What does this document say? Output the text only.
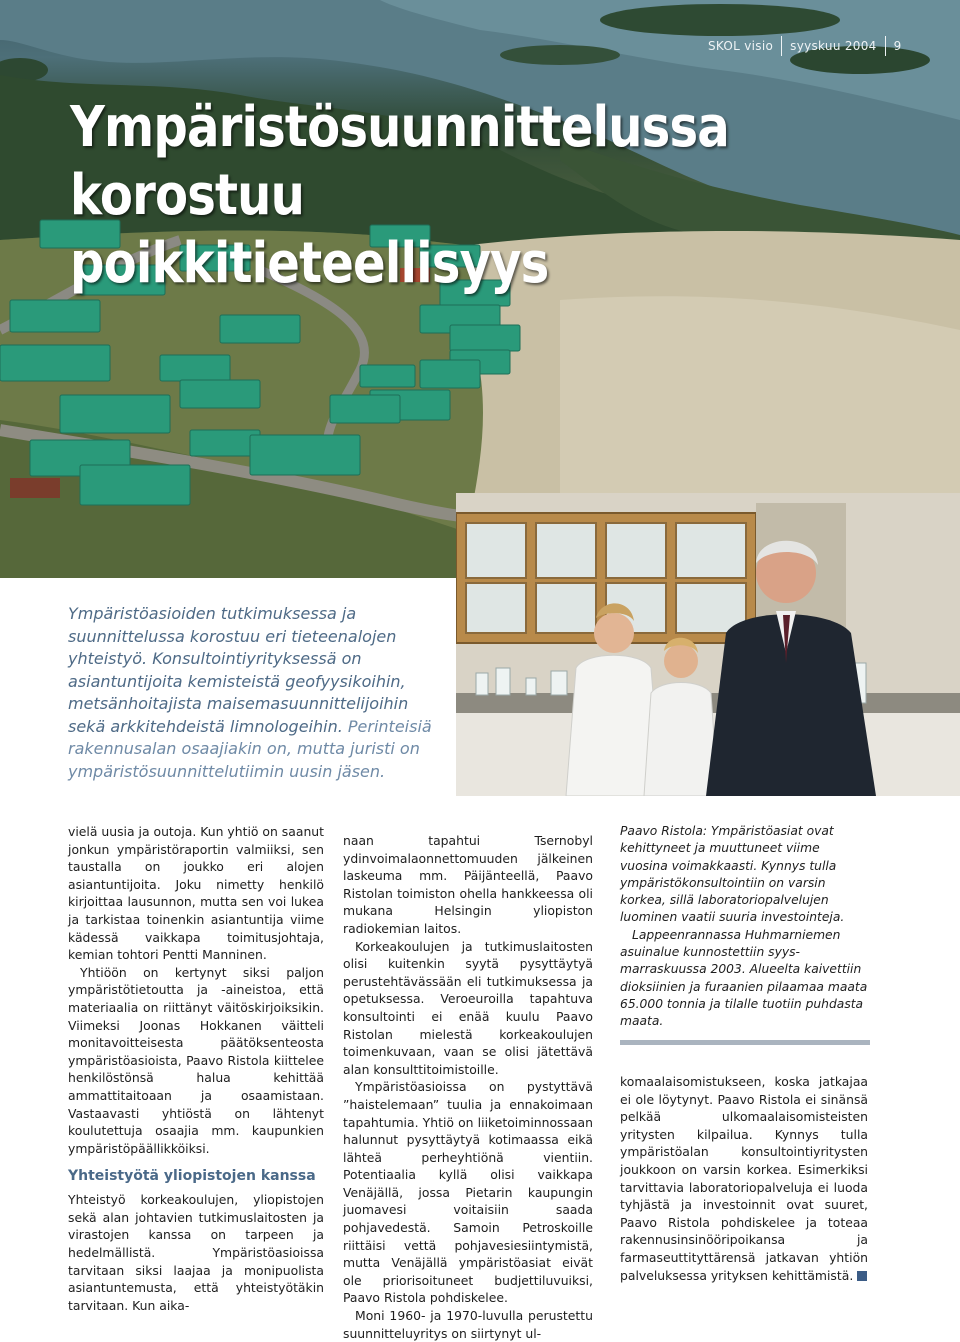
SKOL visio	syyskuu 2004	9
Ympäristösuunnittelussa
korostuu poikkitieteellisyys
Ympäristöasioiden tutkimuksessa ja suunnittelussa korostuu eri tieteenalojen yhteistyö. Konsultointiyrityksessä on asiantuntijoita kemisteistä geofyysikoihin, metsänhoitajista maisemasuunnittelijoihin sekä arkkitehdeistä limnologeihin. Perinteisiä rakennusalan osaajiakin on, mutta juristi on ympäristösuunnittelutiimin uusin jäsen.

vielä uusia ja outoja. Kun yhtiö on saanut jonkun ympäristöraportin valmiiksi, sen taustalla on joukko eri alojen asiantuntijoita. Joku nimetty henkilö kirjoittaa lausunnon, mutta sen voi lukea ja tarkistaa toinenkin asiantuntija viime kädessä vaikkapa toimitusjohtaja, kemian tohtori Pentti Manninen.

Yhtiöön on kertynyt siksi paljon ympäristötietoutta ja -aineistoa, että materiaalia on riittänyt väitöskirjoiksikin. Viimeksi Joonas Hokkanen väitteli monitavoitteisesta päätöksenteosta ympäristöasioista, Paavo Ristola kiittelee henkilöstönsä halua kehittää ammattitaitoaan ja osaamistaan. Vastaavasti yhtiöstä on lähtenyt koulutettuja osaajia mm. kaupunkien ympäristöpäällikköiksi.

Yhteistyötä yliopistojen kanssa

Yhteistyö korkeakoulujen, yliopistojen sekä alan johtavien tutkimuslaitosten ja virastojen kanssa on tarpeen ja hedelmällistä. Ympäristöasioissa tarvitaan siksi laajaa ja monipuolista asiantuntemusta, että yhteistyötäkin tarvitaan. Kun aika-

naan tapahtui Tsernobyl ydinvoimalaonnettomuuden jälkeinen laskeuma mm. Päijänteellä, Paavo Ristolan toimiston ohella hankkeessa oli mukana Helsingin yliopiston radiokemian laitos.

Korkeakoulujen ja tutkimuslaitosten olisi kuitenkin syytä pysyttäytyä perustehtävässään eli tutkimuksessa ja opetuksessa. Veroeuroilla tapahtuva konsultointi ei enää kuulu Paavo Ristolan mielestä korkeakoulujen toimenkuvaan, vaan se olisi jätettävä alan konsulttitoimistoille.

Ympäristöasioissa on pystyttävä ”haistelemaan” tuulia ja ennakoimaan tapahtumia. Yhtiö on liiketoiminnossaan halunnut pysyttäytyä kotimaassa eikä lähteä perheyhtiönä vientiin. Potentiaalia kyllä olisi vaikkapa Venäjällä, jossa Pietarin kaupungin juomavesi voitaisiin saada pohjavedestä. Samoin Petroskoille riittäisi vettä pohjavesiesiintymistä, mutta Venäjällä ympäristöasiat eivät ole priorisoituneet budjettiluvuiksi, Paavo Ristola pohdiskelee.

Moni 1960- ja 1970-luvulla perustettu suunnitteluyritys on siirtynyt ul-

Paavo Ristola: Ympäristöasiat ovat kehittyneet ja muuttuneet viime vuosina voimakkaasti. Kynnys tulla ympäristökonsultointiin on varsin korkea, sillä laboratoriopalvelujen luominen vaatii suuria investointeja.

Lappeenrannassa Huhmarniemen asuinalue kunnostettiin syys-marraskuussa 2003. Alueelta kaivettiin dioksiinien ja furaanien pilaamaa maata 65.000 tonnia ja tilalle tuotiin puhdasta maata.

komaalaisomistukseen, koska jatkajaa ei ole löytynyt. Paavo Ristola ei sinänsä pelkää ulkomaalaisomisteisten yritysten kilpailua. Kynnys tulla ympäristöalan konsultointiyritysten joukkoon on varsin korkea. Esimerkiksi tarvittavia laboratoriopalveluja ei luoda tyhjästä ja investoinnit ovat suuret, Paavo Ristola pohdiskelee ja toteaa rakennusinsinööripoikansa ja farmaseuttityttärensä jatkavan yhtiön palveluksessa yrityksen kehittämistä.
